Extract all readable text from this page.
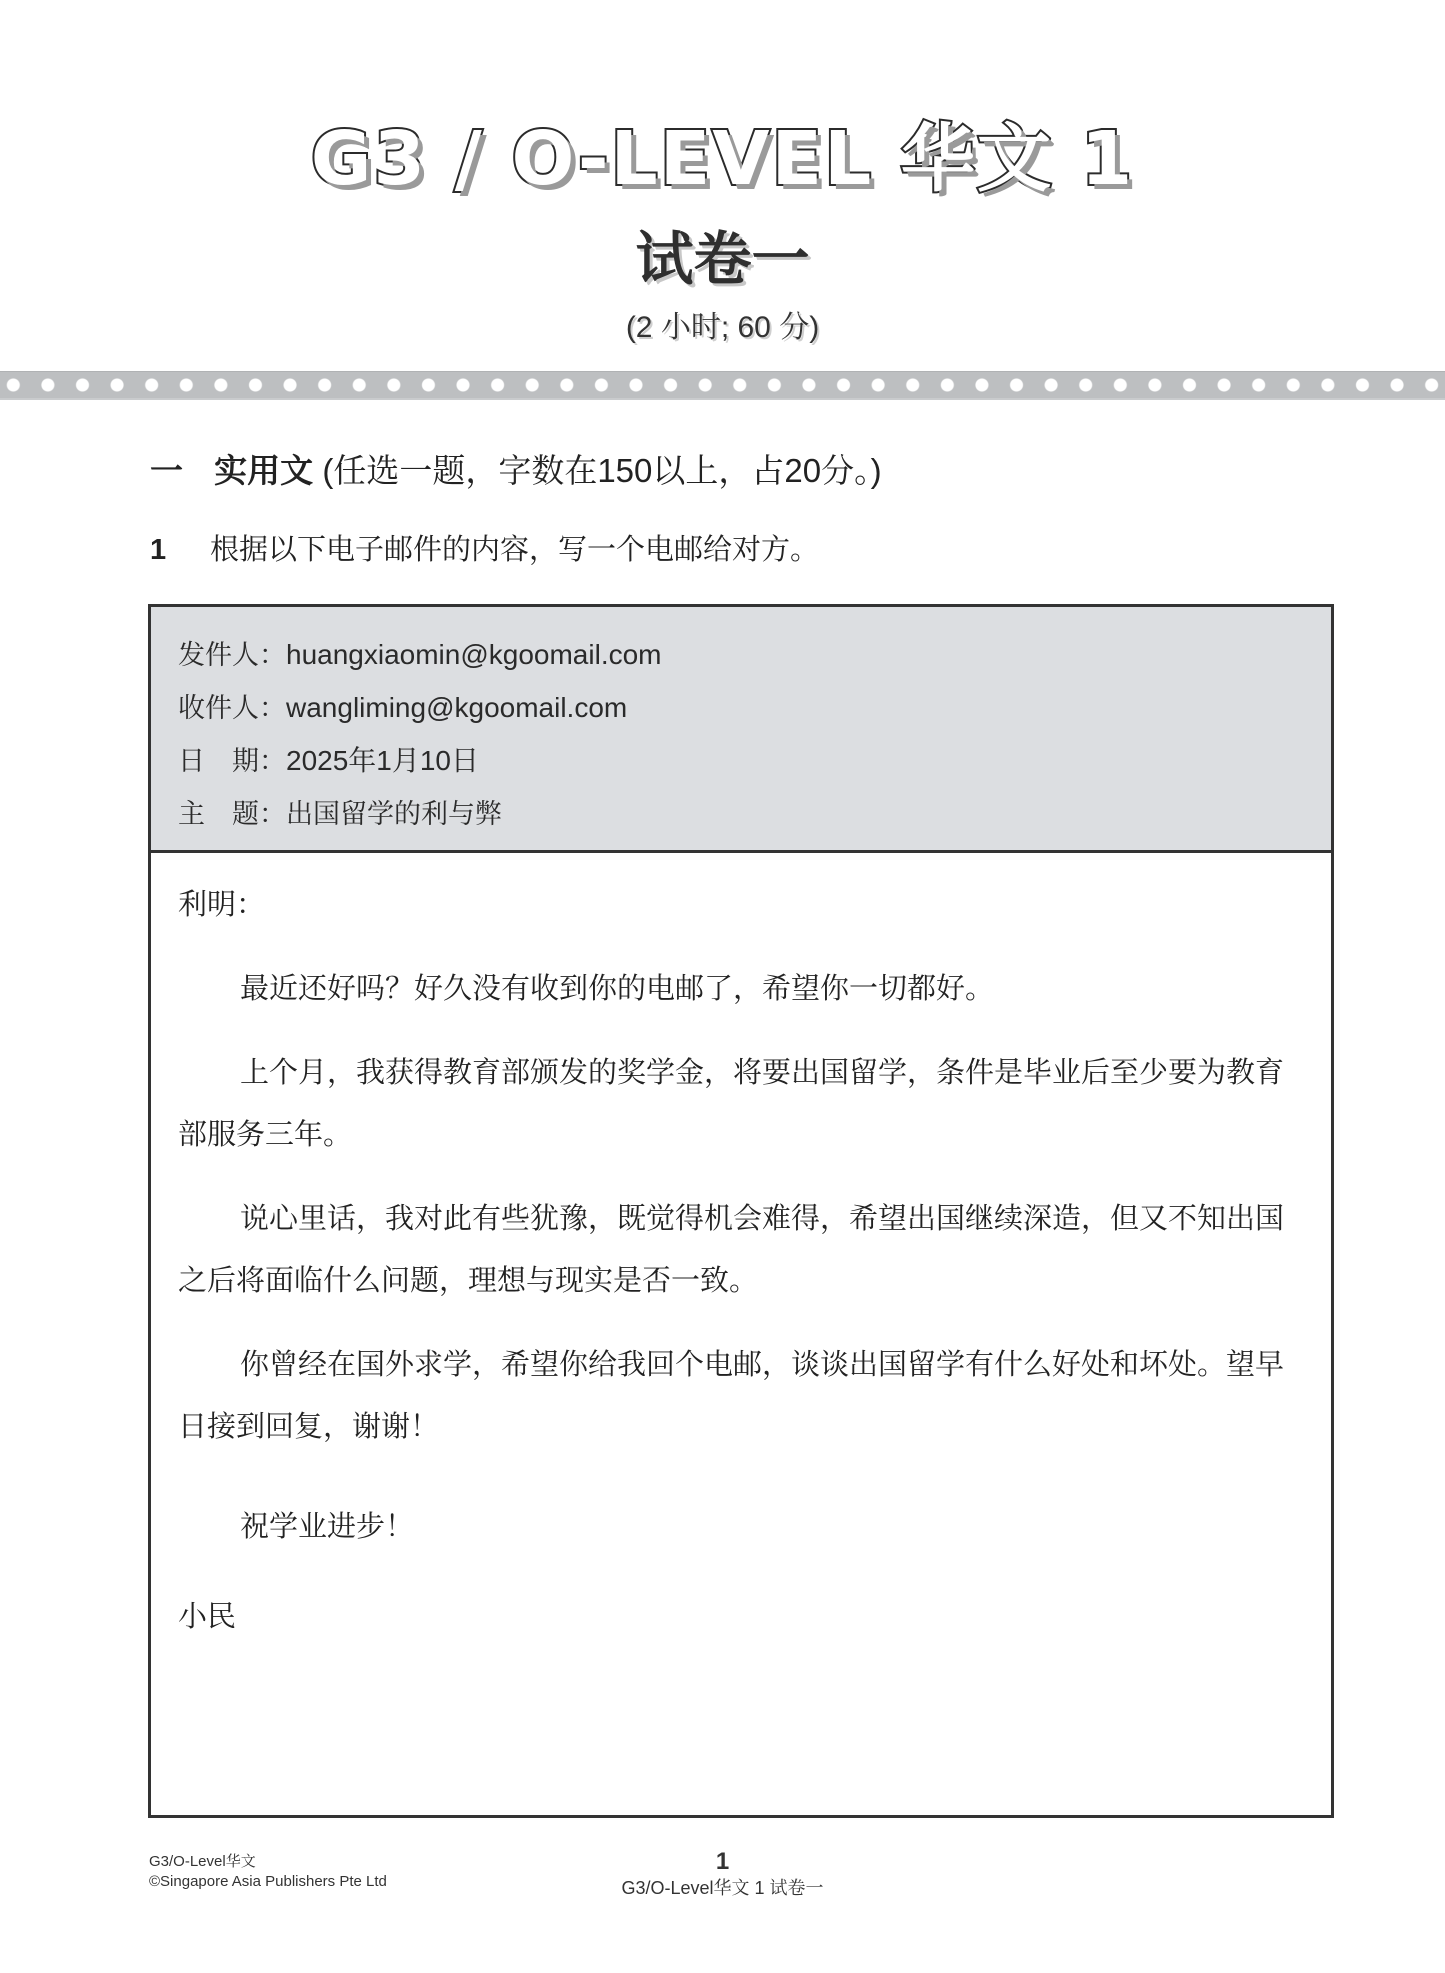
G3 / O-LEVEL 华文 1
试卷一
(2 小时; 60 分)
一 实用文 (任选一题，字数在150以上，占20分。)
1 根据以下电子邮件的内容，写一个电邮给对方。
发件人：huangxiaomin@kgoomail.com
收件人：wangliming@kgoomail.com
日　期：2025年1月10日
主　题：出国留学的利与弊

利明：

最近还好吗？好久没有收到你的电邮了，希望你一切都好。

上个月，我获得教育部颁发的奖学金，将要出国留学，条件是毕业后至少要为教育部服务三年。

说心里话，我对此有些犹豫，既觉得机会难得，希望出国继续深造，但又不知出国之后将面临什么问题，理想与现实是否一致。

你曾经在国外求学，希望你给我回个电邮，谈谈出国留学有什么好处和坏处。望早日接到回复，谢谢！

祝学业进步！

小民

G3/O-Level华文
©Singapore Asia Publishers Pte Ltd
1
G3/O-Level华文 1 试卷一
